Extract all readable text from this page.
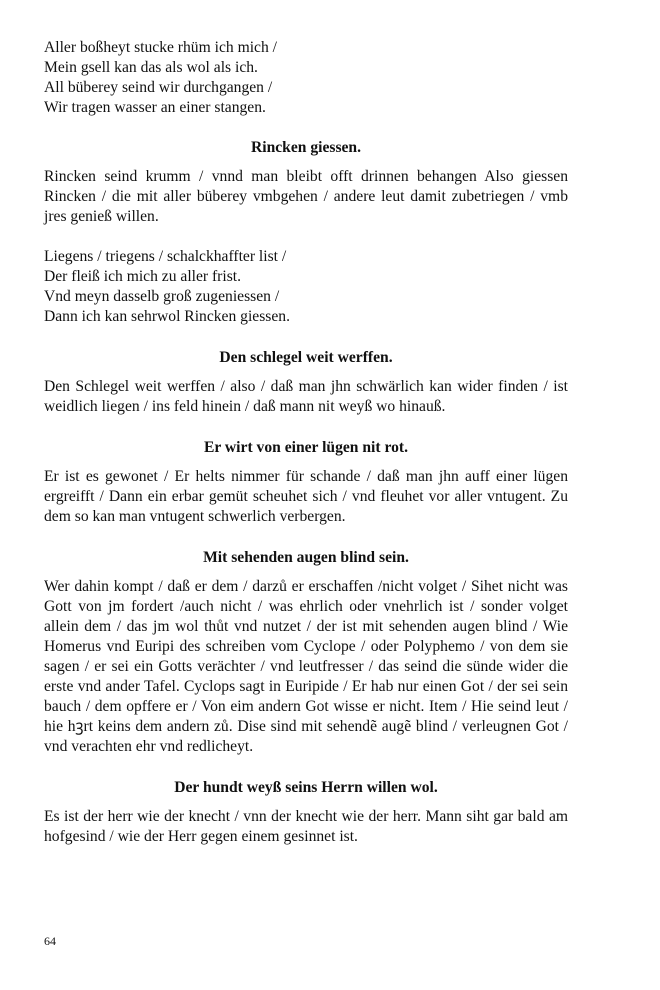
Aller boßheyt stucke rhüm ich mich /
Mein gsell kan das als wol als ich.
All büberey seind wir durchgangen /
Wir tragen wasser an einer stangen.

Rincken giessen.

Rincken seind krumm / vnnd man bleibt offt drinnen behangen Also giessen Rincken / die mit aller büberey vmbgehen / andere leut damit zubetriegen / vmb jres genieß willen.

Liegens / triegens / schalckhaffter list /
Der fleiß ich mich zu aller frist.
Vnd meyn dasselb groß zugeniessen /
Dann ich kan sehrwol Rincken giessen.

Den schlegel weit werffen.

Den Schlegel weit werffen / also / daß man jhn schwärlich kan wider finden / ist weidlich liegen / ins feld hinein / daß mann nit weyß wo hinauß.

Er wirt von einer lügen nit rot.

Er ist es gewonet / Er helts nimmer für schande / daß man jhn auff einer lügen ergreifft / Dann ein erbar gemüt scheuhet sich / vnd fleuhet vor aller vntugent. Zu dem so kan man vntugent schwerlich verbergen.

Mit sehenden augen blind sein.

Wer dahin kompt / daß er dem / darzů er erschaffen /nicht volget / Sihet nicht was Gott von jm fordert /auch nicht / was ehrlich oder vnehrlich ist / sonder volget allein dem / das jm wol thůt vnd nutzet / der ist mit sehenden augen blind / Wie Homerus vnd Euripi des schreiben vom Cyclope / oder Polyphemo / von dem sie sagen / er sei ein Gotts verächter / vnd leutfresser / das seind die sünde wider die erste vnd ander Tafel. Cyclops sagt in Euripide / Er hab nur einen Got / der sei sein bauch / dem opffere er / Von eim andern Got wisse er nicht. Item / Hie seind leut / hie hꝫrt keins dem andern zů. Dise sind mit sehendẽ augẽ blind / verleugnen Got / vnd verachten ehr vnd redlicheyt.

Der hundt weyß seins Herrn willen wol.

Es ist der herr wie der knecht / vnn der knecht wie der herr. Mann siht gar bald am hofgesind / wie der Herr gegen einem gesinnet ist.

64
